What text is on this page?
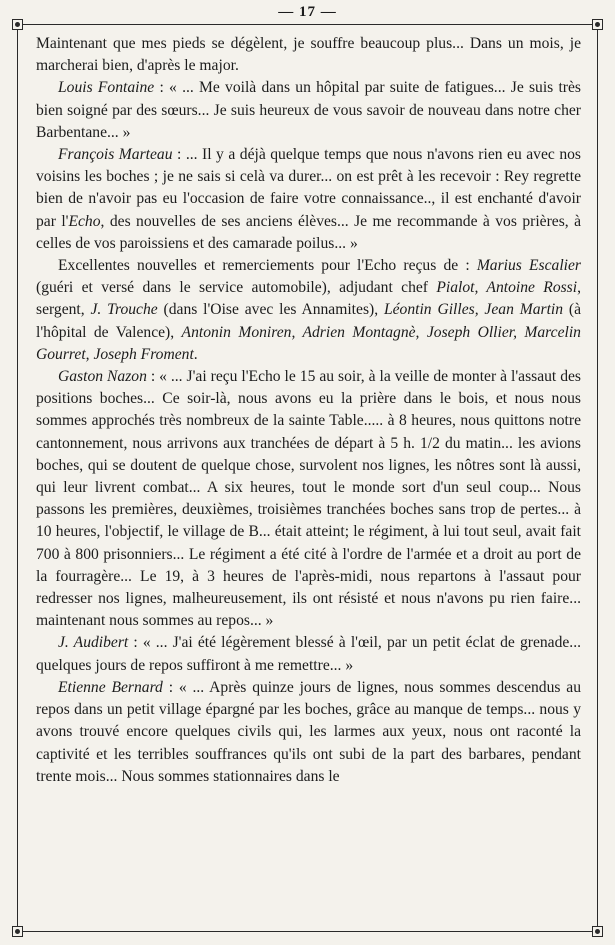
— 17 —

Maintenant que mes pieds se dégèlent, je souffre beaucoup plus... Dans un mois, je marcherai bien, d'après le major.

Louis Fontaine : « ... Me voilà dans un hôpital par suite de fatigues... Je suis très bien soigné par des sœurs... Je suis heureux de vous savoir de nouveau dans notre cher Barbentane... »

François Marteau : ... Il y a déjà quelque temps que nous n'avons rien eu avec nos voisins les boches ; je ne sais si celà va durer... on est prêt à les recevoir : Rey regrette bien de n'avoir pas eu l'occasion de faire votre connaissance.., il est enchanté d'avoir par l'Echo, des nouvelles de ses anciens élèves... Je me recommande à vos prières, à celles de vos paroissiens et des camarade poilus... »

Excellentes nouvelles et remerciements pour l'Echo reçus de : Marius Escalier (guéri et versé dans le service automobile), adjudant chef Pialot, Antoine Rossi, sergent, J. Trouche (dans l'Oise avec les Annamites), Léontin Gilles, Jean Martin (à l'hôpital de Valence), Antonin Moniren, Adrien Montagnè, Joseph Ollier, Marcelin Gourret, Joseph Froment.

Gaston Nazon : « ... J'ai reçu l'Echo le 15 au soir, à la veille de monter à l'assaut des positions boches... Ce soir-là, nous avons eu la prière dans le bois, et nous nous sommes approchés très nombreux de la sainte Table..... à 8 heures, nous quittons notre cantonnement, nous arrivons aux tranchées de départ à 5 h. 1/2 du matin... les avions boches, qui se doutent de quelque chose, survolent nos lignes, les nôtres sont là aussi, qui leur livrent combat... A six heures, tout le monde sort d'un seul coup... Nous passons les premières, deuxièmes, troisièmes tranchées boches sans trop de pertes... à 10 heures, l'objectif, le village de B... était atteint; le régiment, à lui tout seul, avait fait 700 à 800 prisonniers... Le régiment a été cité à l'ordre de l'armée et a droit au port de la fourragère... Le 19, à 3 heures de l'après-midi, nous repartons à l'assaut pour redresser nos lignes, malheureusement, ils ont résisté et nous n'avons pu rien faire... maintenant nous sommes au repos... »

J. Audibert : « ... J'ai été légèrement blessé à l'œil, par un petit éclat de grenade... quelques jours de repos suffiront à me remettre... »

Etienne Bernard : « ... Après quinze jours de lignes, nous sommes descendus au repos dans un petit village épargné par les boches, grâce au manque de temps... nous y avons trouvé encore quelques civils qui, les larmes aux yeux, nous ont raconté la captivité et les terribles souffrances qu'ils ont subi de la part des barbares, pendant trente mois... Nous sommes stationnaires dans le
